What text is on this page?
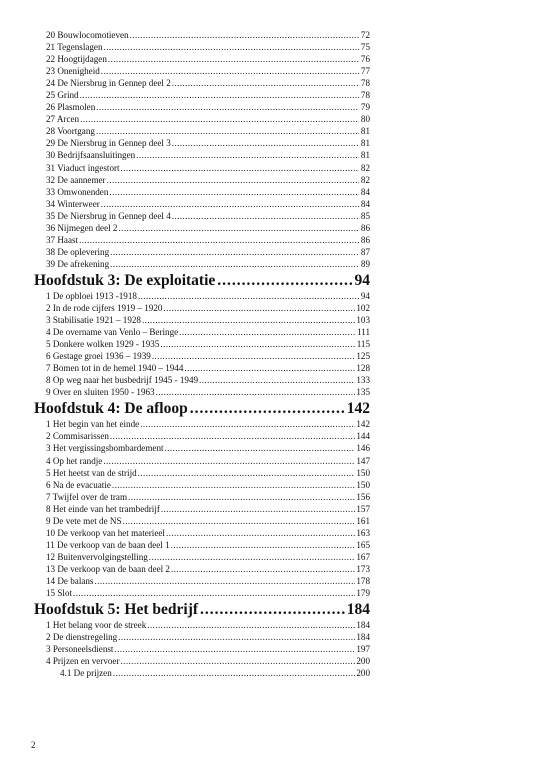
20 Bouwlocomotieven .....	72
21 Tegenslagen .....	75
22 Hoogtijdagen .....	76
23 Onenigheid .....	77
24 De Niersbrug in Gennep deel 2 .....	78
25 Grind .....	78
26 Plasmolen .....	79
27 Arcen .....	80
28 Voortgang .....	81
29 De Niersbrug in Gennep deel 3 .....	81
30 Bedrijfsaansluitingen .....	81
31 Viaduct ingestort .....	82
32 De aannemer .....	82
33 Omwonenden .....	84
34 Winterweer .....	84
35 De Niersbrug in Gennep deel 4 .....	85
36 Nijmegen deel 2 .....	86
37 Haast .....	86
38 De oplevering .....	87
39 De afrekening .....	89
Hoofdstuk 3: De exploitatie .....	94
1 De opbloei 1913 -1918 .....	94
2 In de rode cijfers 1919 – 1920 .....	102
3 Stabilisatie 1921 – 1928 .....	103
4 De overname van Venlo – Beringe .....	111
5 Donkere wolken 1929 - 1935 .....	115
6 Gestage groei 1936 – 1939 .....	125
7 Bomen tot in de hemel 1940 – 1944 .....	128
8 Op weg naar het busbedrijf 1945 - 1949 .....	133
9 Over en sluiten 1950 - 1963 .....	135
Hoofdstuk 4: De afloop .....	142
1 Het begin van het einde .....	142
2 Commisarissen .....	144
3 Het vergissingsbombardement .....	146
4 Op het randje .....	147
5 Het heetst van de strijd .....	150
6 Na de evacuatie .....	150
7 Twijfel over de tram .....	156
8 Het einde van het trambedrijf .....	157
9 De vete met de NS .....	161
10 De verkoop van het materieel .....	163
11 De verkoop van de baan deel 1 .....	165
12 Buitenvervolgingstelling .....	167
13 De verkoop van de baan deel 2 .....	173
14 De balans .....	178
15 Slot .....	179
Hoofdstuk 5: Het bedrijf .....	184
1 Het belang voor de streek .....	184
2 De dienstregeling .....	184
3 Personeelsdienst .....	197
4 Prijzen en vervoer .....	200
4.1 De prijzen .....	200
2
